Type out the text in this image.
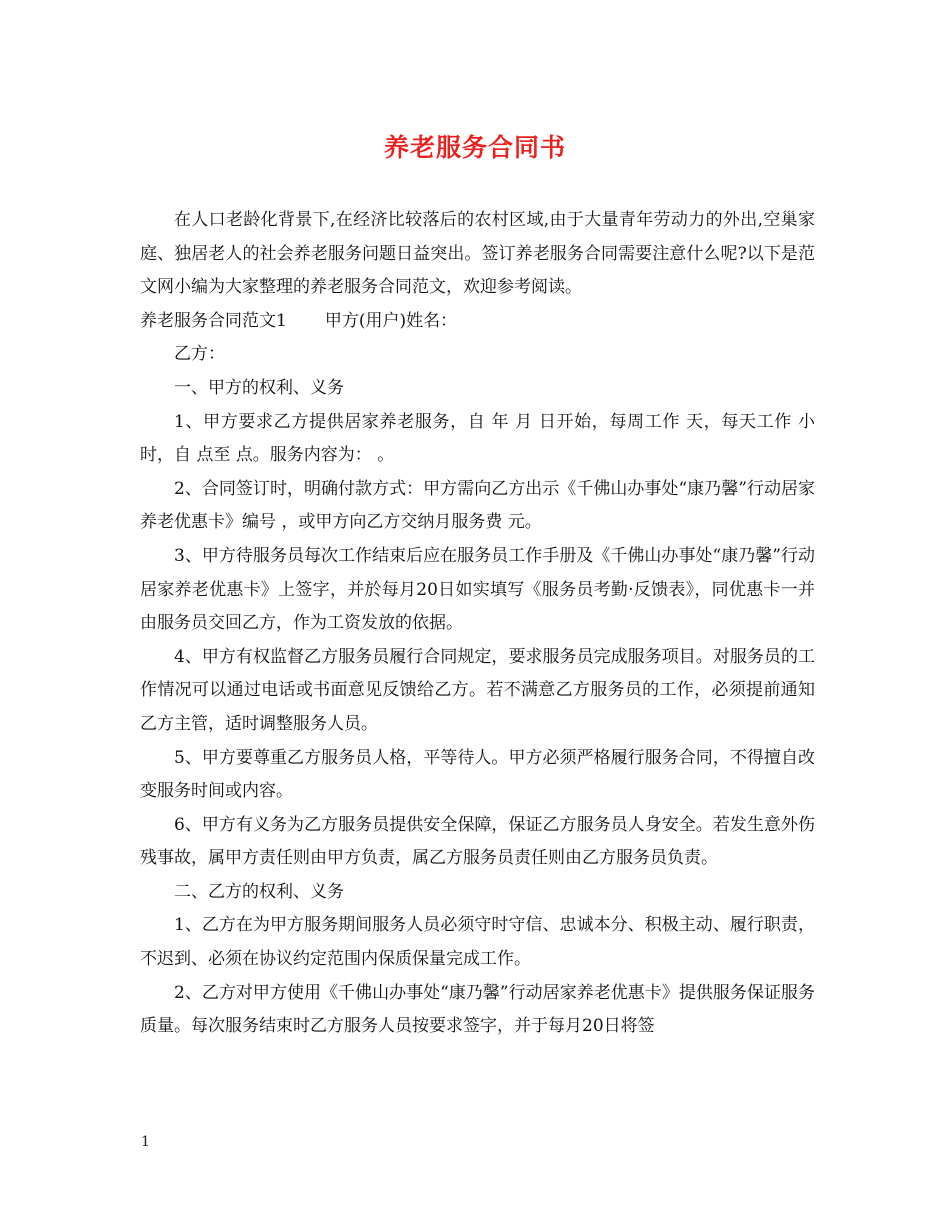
养老服务合同书

在人口老龄化背景下,在经济比较落后的农村区域,由于大量青年劳动力的外出,空巢家庭、独居老人的社会养老服务问题日益突出。签订养老服务合同需要注意什么呢?以下是范文网小编为大家整理的养老服务合同范文，欢迎参考阅读。

养老服务合同范文1 甲方(用户)姓名：

乙方：

一、甲方的权利、义务

1、甲方要求乙方提供居家养老服务，自 年 月 日开始，每周工作 天，每天工作 小时，自 点至 点。服务内容为： 。

2、合同签订时，明确付款方式：甲方需向乙方出示《千佛山办事处“康乃馨”行动居家养老优惠卡》编号 ，或甲方向乙方交纳月服务费 元。

3、甲方待服务员每次工作结束后应在服务员工作手册及《千佛山办事处“康乃馨”行动居家养老优惠卡》上签字，并於每月20日如实填写《服务员考勤·反馈表》，同优惠卡一并由服务员交回乙方，作为工资发放的依据。

4、甲方有权监督乙方服务员履行合同规定，要求服务员完成服务项目。对服务员的工作情况可以通过电话或书面意见反馈给乙方。若不满意乙方服务员的工作，必须提前通知乙方主管，适时调整服务人员。

5、甲方要尊重乙方服务员人格，平等待人。甲方必须严格履行服务合同，不得擅自改变服务时间或内容。

6、甲方有义务为乙方服务员提供安全保障，保证乙方服务员人身安全。若发生意外伤残事故，属甲方责任则由甲方负责，属乙方服务员责任则由乙方服务员负责。

二、乙方的权利、义务

1、乙方在为甲方服务期间服务人员必须守时守信、忠诚本分、积极主动、履行职责，不迟到、必须在协议约定范围内保质保量完成工作。

2、乙方对甲方使用《千佛山办事处“康乃馨”行动居家养老优惠卡》提供服务保证服务质量。每次服务结束时乙方服务人员按要求签字，并于每月20日将签

1
